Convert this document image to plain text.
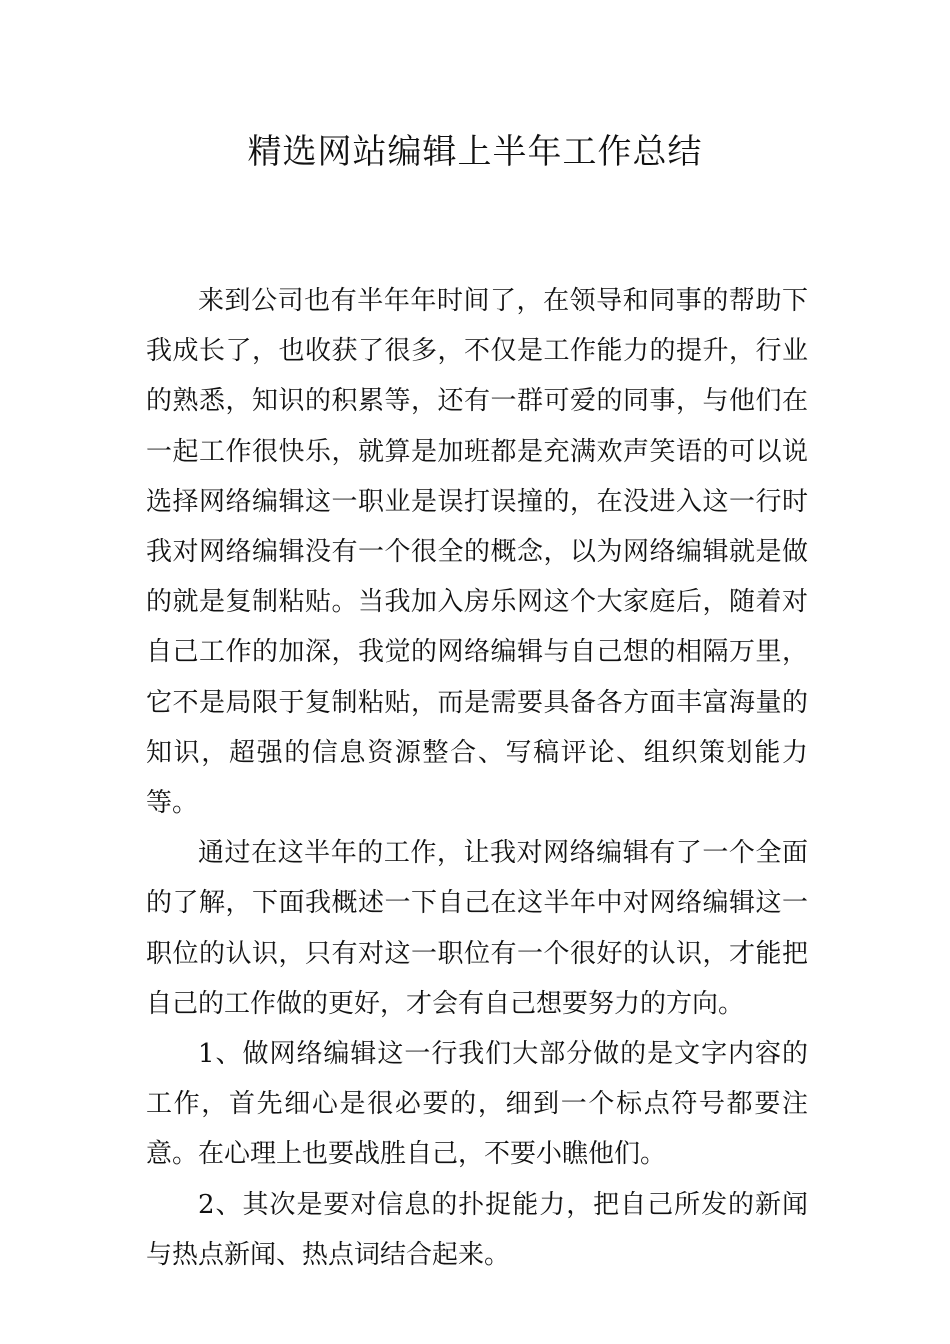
精选网站编辑上半年工作总结

来到公司也有半年年时间了，在领导和同事的帮助下我成长了，也收获了很多，不仅是工作能力的提升，行业的熟悉，知识的积累等，还有一群可爱的同事，与他们在一起工作很快乐，就算是加班都是充满欢声笑语的可以说选择网络编辑这一职业是误打误撞的，在没进入这一行时我对网络编辑没有一个很全的概念，以为网络编辑就是做的就是复制粘贴。当我加入房乐网这个大家庭后，随着对自己工作的加深，我觉的网络编辑与自己想的相隔万里，它不是局限于复制粘贴，而是需要具备各方面丰富海量的知识，超强的信息资源整合、写稿评论、组织策划能力等。

通过在这半年的工作，让我对网络编辑有了一个全面的了解，下面我概述一下自己在这半年中对网络编辑这一职位的认识，只有对这一职位有一个很好的认识，才能把自己的工作做的更好，才会有自己想要努力的方向。

1、做网络编辑这一行我们大部分做的是文字内容的工作，首先细心是很必要的，细到一个标点符号都要注意。在心理上也要战胜自己，不要小瞧他们。

2、其次是要对信息的扑捉能力，把自己所发的新闻与热点新闻、热点词结合起来。
